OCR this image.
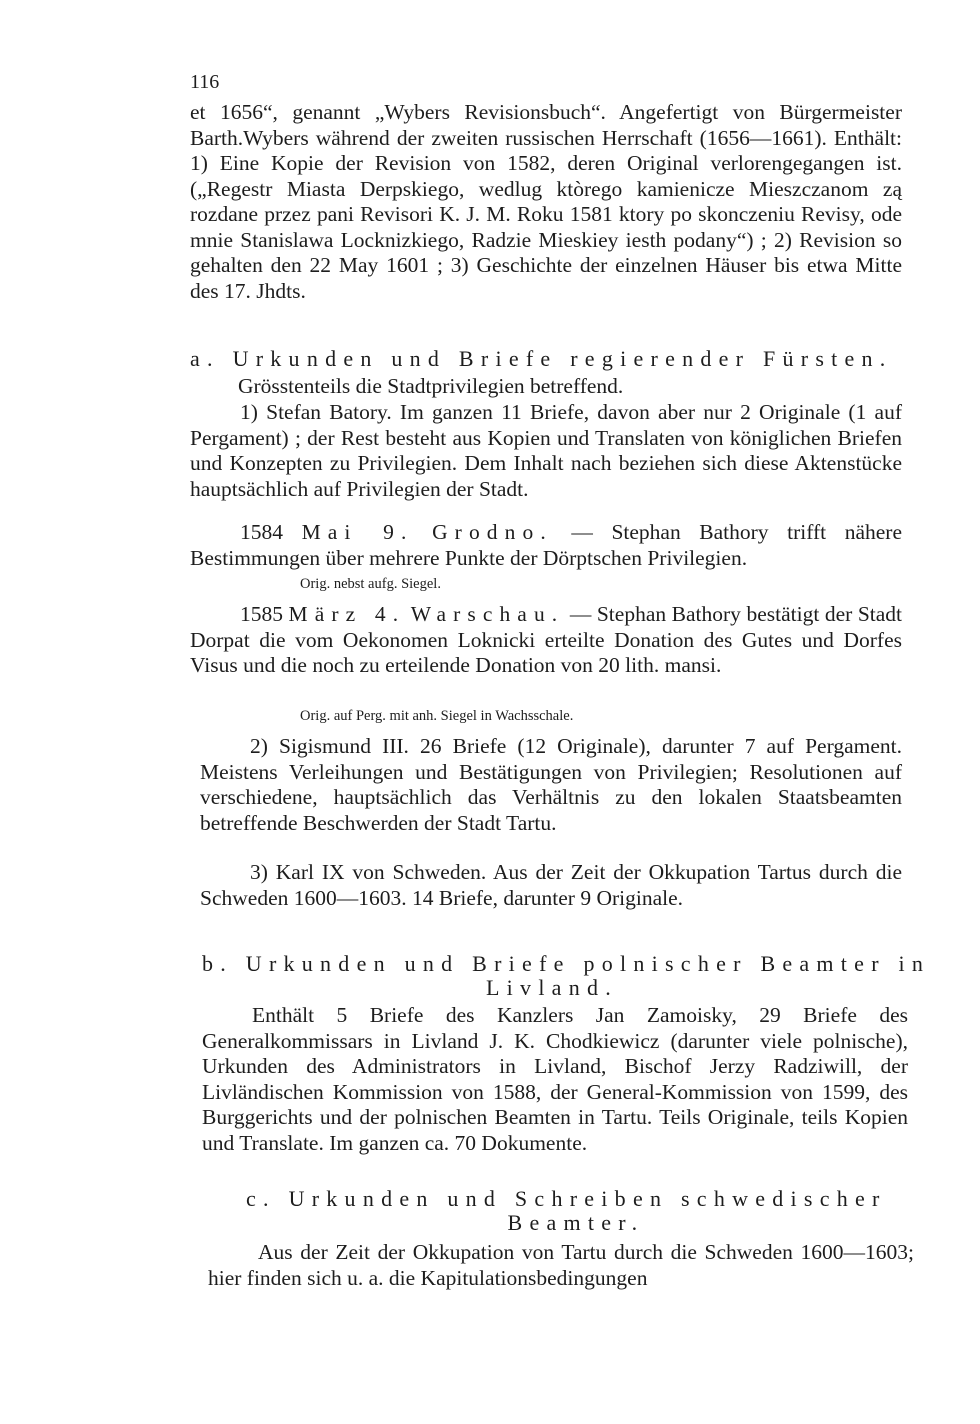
116

et 1656“, genannt „Wybers Revisionsbuch“. Angefertigt von Bürgermeister Barth.Wybers während der zweiten russischen Herrschaft (1656—1661). Enthält: 1) Eine Kopie der Revision von 1582, deren Original verlorengegangen ist. („Regestr Miasta Derpskiego, wedlug ktòrego kamienicze Mieszczanom zą rozdane przez pani Revisori K. J. M. Roku 1581 ktory po skonczeniu Revisy, ode mnie Stanislawa Locknizkiego, Radzie Mieskiey iesth podany“) ; 2) Revision so gehalten den 22 May 1601 ; 3) Geschichte der einzelnen Häuser bis etwa Mitte des 17. Jhdts.

a. Urkunden und Briefe regierender Fürsten.
Grösstenteils die Stadtprivilegien betreffend.

1) Stefan Batory. Im ganzen 11 Briefe, davon aber nur 2 Originale (1 auf Pergament) ; der Rest besteht aus Kopien und Translaten von königlichen Briefen und Konzepten zu Privilegien. Dem Inhalt nach beziehen sich diese Aktenstücke hauptsächlich auf Privilegien der Stadt.

1584 Mai 9. Grodno. — Stephan Bathory trifft nähere Bestimmungen über mehrere Punkte der Dörptschen Privilegien.

Orig. nebst aufg. Siegel.

1585 März 4. Warschau. — Stephan Bathory bestätigt der Stadt Dorpat die vom Oekonomen Loknicki erteilte Donation des Gutes und Dorfes Visus und die noch zu erteilende Donation von 20 lith. mansi.

Orig. auf Perg. mit anh. Siegel in Wachsschale.

2) Sigismund III. 26 Briefe (12 Originale), darunter 7 auf Pergament. Meistens Verleihungen und Bestätigungen von Privilegien; Resolutionen auf verschiedene, hauptsächlich das Verhältnis zu den lokalen Staatsbeamten betreffende Beschwerden der Stadt Tartu.

3) Karl IX von Schweden. Aus der Zeit der Okkupation Tartus durch die Schweden 1600—1603. 14 Briefe, darunter 9 Originale.

b. Urkunden und Briefe polnischer Beamter in
Livland.

Enthält 5 Briefe des Kanzlers Jan Zamoisky, 29 Briefe des Generalkommissars in Livland J. K. Chodkiewicz (darunter viele polnische), Urkunden des Administrators in Livland, Bischof Jerzy Radziwill, der Livländischen Kommission von 1588, der General-Kommission von 1599, des Burggerichts und der polnischen Beamten in Tartu. Teils Originale, teils Kopien und Translate. Im ganzen ca. 70 Dokumente.

c. Urkunden und Schreiben schwedischer
Beamter.

Aus der Zeit der Okkupation von Tartu durch die Schweden 1600—1603; hier finden sich u. a. die Kapitulationsbedingungen
